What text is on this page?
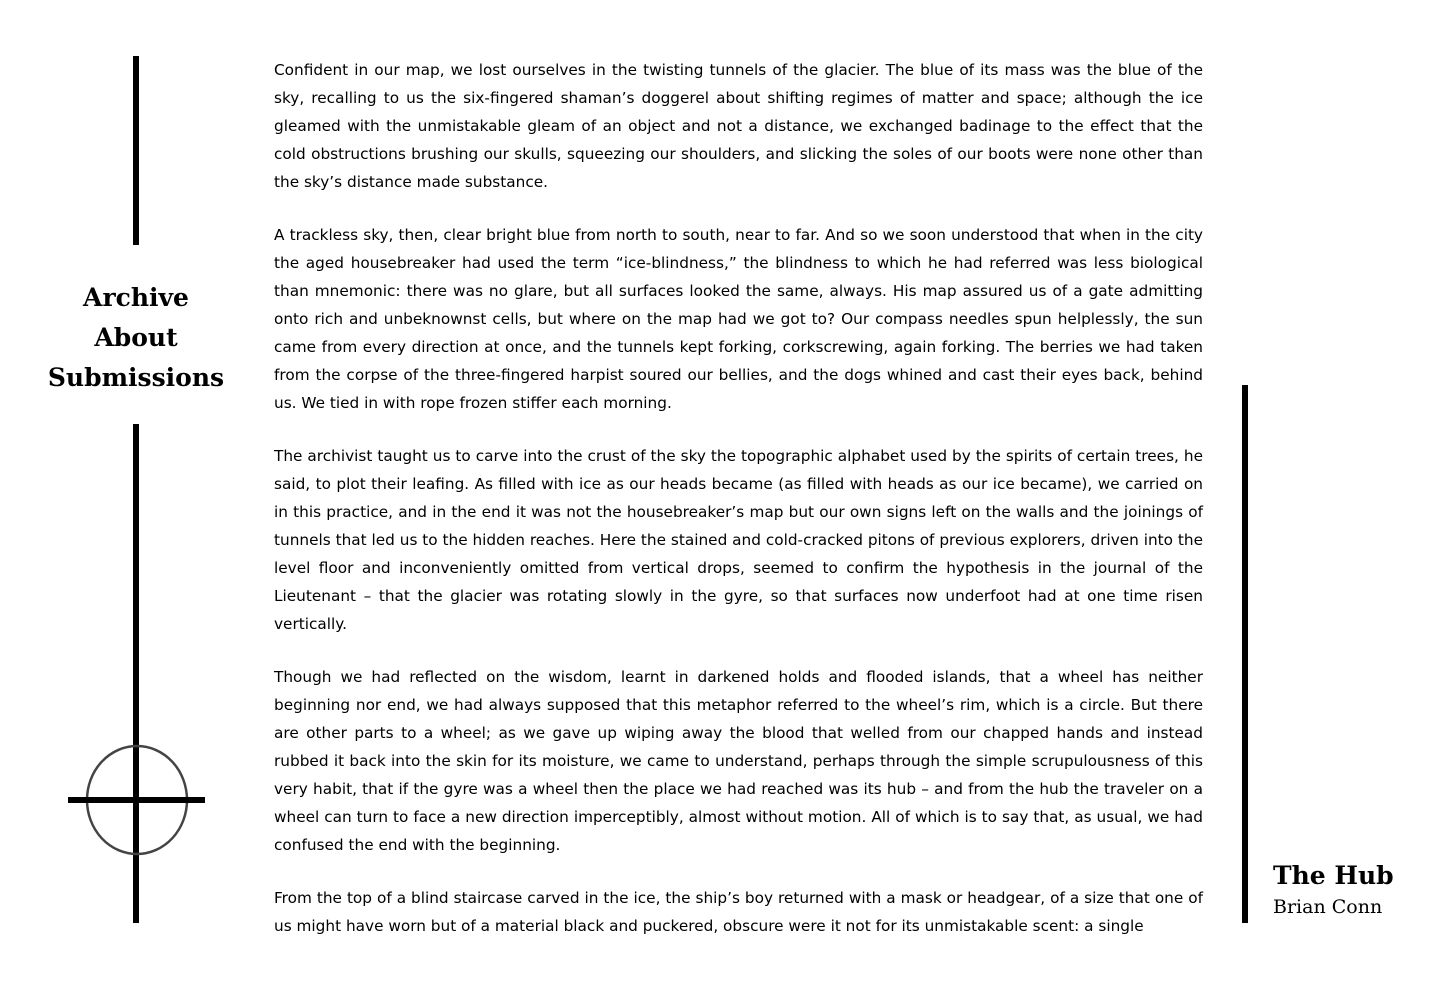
Archive
About
Submissions

Confident in our map, we lost ourselves in the twisting tunnels of the glacier. The blue of its mass was the blue of the sky, recalling to us the six-fingered shaman’s doggerel about shifting regimes of matter and space; although the ice gleamed with the unmistakable gleam of an object and not a distance, we exchanged badinage to the effect that the cold obstructions brushing our skulls, squeezing our shoulders, and slicking the soles of our boots were none other than the sky’s distance made substance.

A trackless sky, then, clear bright blue from north to south, near to far. And so we soon understood that when in the city the aged housebreaker had used the term “ice-blindness,” the blindness to which he had referred was less biological than mnemonic: there was no glare, but all surfaces looked the same, always. His map assured us of a gate admitting onto rich and unbeknownst cells, but where on the map had we got to? Our compass needles spun helplessly, the sun came from every direction at once, and the tunnels kept forking, corkscrewing, again forking. The berries we had taken from the corpse of the three-fingered harpist soured our bellies, and the dogs whined and cast their eyes back, behind us. We tied in with rope frozen stiffer each morning.

The archivist taught us to carve into the crust of the sky the topographic alphabet used by the spirits of certain trees, he said, to plot their leafing. As filled with ice as our heads became (as filled with heads as our ice became), we carried on in this practice, and in the end it was not the housebreaker’s map but our own signs left on the walls and the joinings of tunnels that led us to the hidden reaches. Here the stained and cold-cracked pitons of previous explorers, driven into the level floor and inconveniently omitted from vertical drops, seemed to confirm the hypothesis in the journal of the Lieutenant – that the glacier was rotating slowly in the gyre, so that surfaces now underfoot had at one time risen vertically.

Though we had reflected on the wisdom, learnt in darkened holds and flooded islands, that a wheel has neither beginning nor end, we had always supposed that this metaphor referred to the wheel’s rim, which is a circle. But there are other parts to a wheel; as we gave up wiping away the blood that welled from our chapped hands and instead rubbed it back into the skin for its moisture, we came to understand, perhaps through the simple scrupulousness of this very habit, that if the gyre was a wheel then the place we had reached was its hub – and from the hub the traveler on a wheel can turn to face a new direction imperceptibly, almost without motion. All of which is to say that, as usual, we had confused the end with the beginning.

From the top of a blind staircase carved in the ice, the ship’s boy returned with a mask or headgear, of a size that one of us might have worn but of a material black and puckered, obscure were it not for its unmistakable scent: a single

The Hub
Brian Conn
